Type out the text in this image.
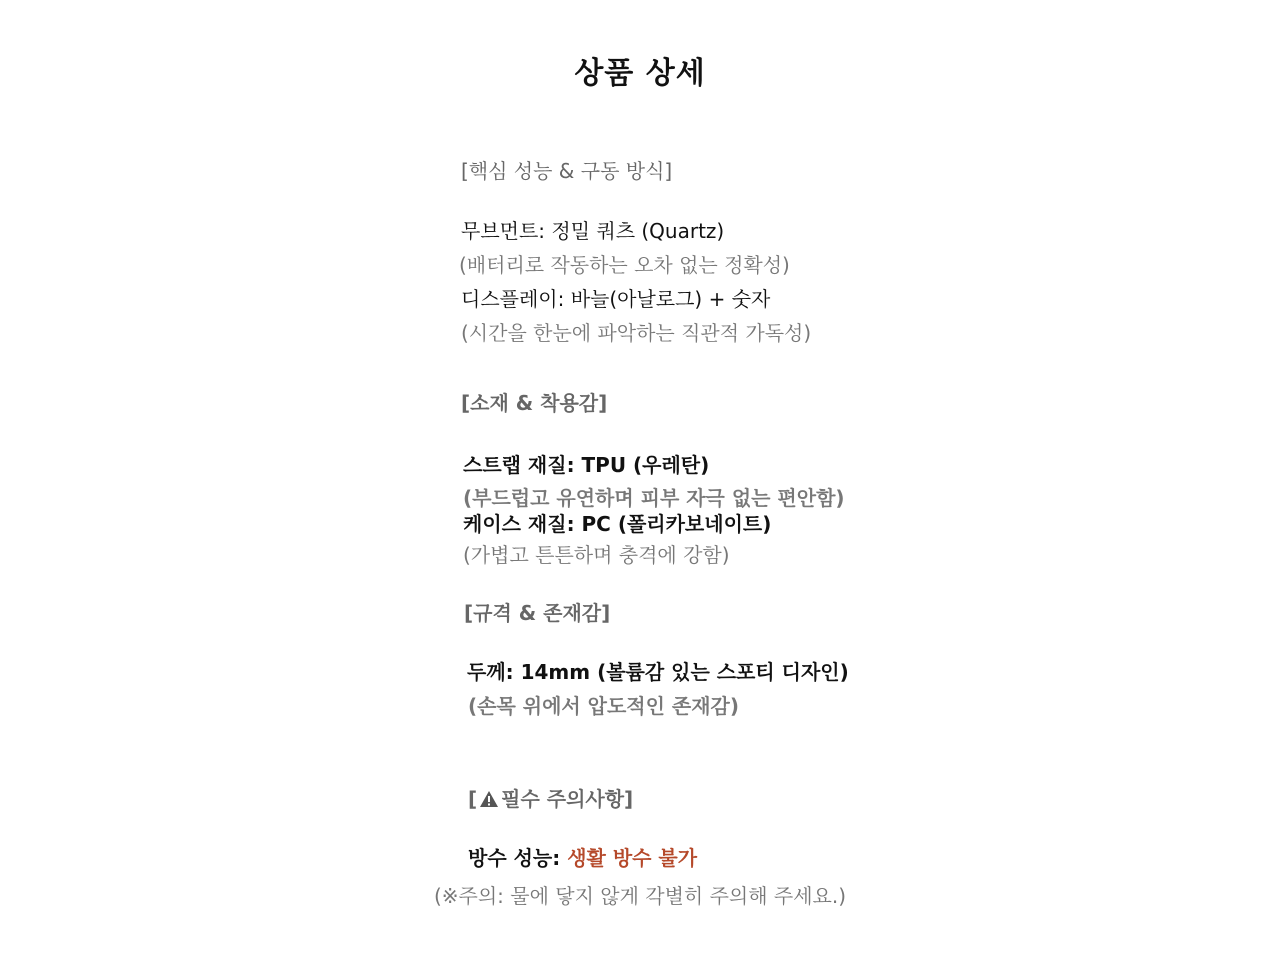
상품 상세
[핵심 성능 & 구동 방식]
무브먼트: 정밀 쿼츠 (Quartz)
(배터리로 작동하는 오차 없는 정확성)
디스플레이: 바늘(아날로그) + 숫자
(시간을 한눈에 파악하는 직관적 가독성)
[소재 & 착용감]
스트랩 재질: TPU (우레탄)
(부드럽고 유연하며 피부 자극 없는 편안함)
케이스 재질: PC (폴리카보네이트)
(가볍고 튼튼하며 충격에 강함)
[규격 & 존재감]
두께: 14mm (볼륨감 있는 스포티 디자인)
(손목 위에서 압도적인 존재감)
[ 필수 주의사항]
방수 성능: 생활 방수 불가
(※주의: 물에 닿지 않게 각별히 주의해 주세요.)
